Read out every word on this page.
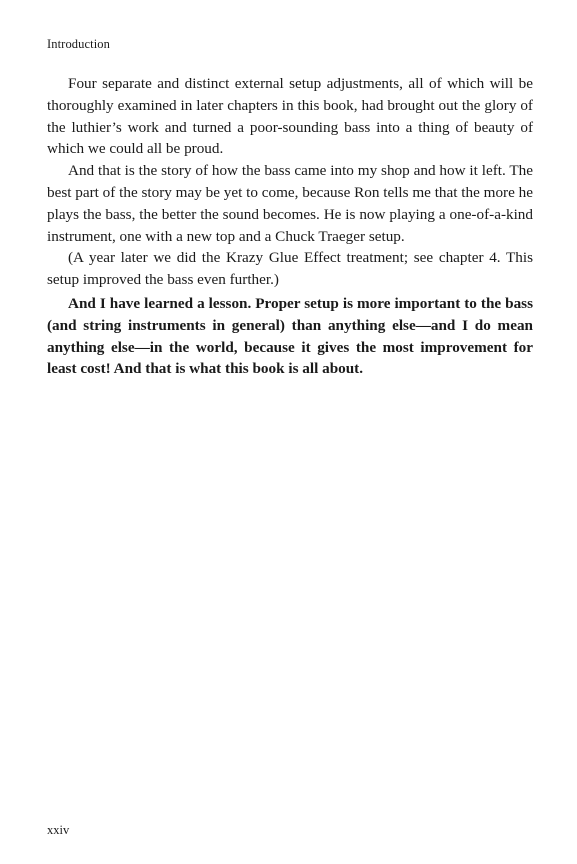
Introduction

Four separate and distinct external setup adjustments, all of which will be thoroughly examined in later chapters in this book, had brought out the glory of the luthier’s work and turned a poor-sounding bass into a thing of beauty of which we could all be proud.

And that is the story of how the bass came into my shop and how it left. The best part of the story may be yet to come, because Ron tells me that the more he plays the bass, the better the sound becomes. He is now playing a one-of-a-kind instrument, one with a new top and a Chuck Traeger setup.

(A year later we did the Krazy Glue Effect treatment; see chapter 4. This setup improved the bass even further.)

And I have learned a lesson. Proper setup is more important to the bass (and string instruments in general) than anything else—and I do mean anything else—in the world, because it gives the most improvement for least cost! And that is what this book is all about.

xxiv
